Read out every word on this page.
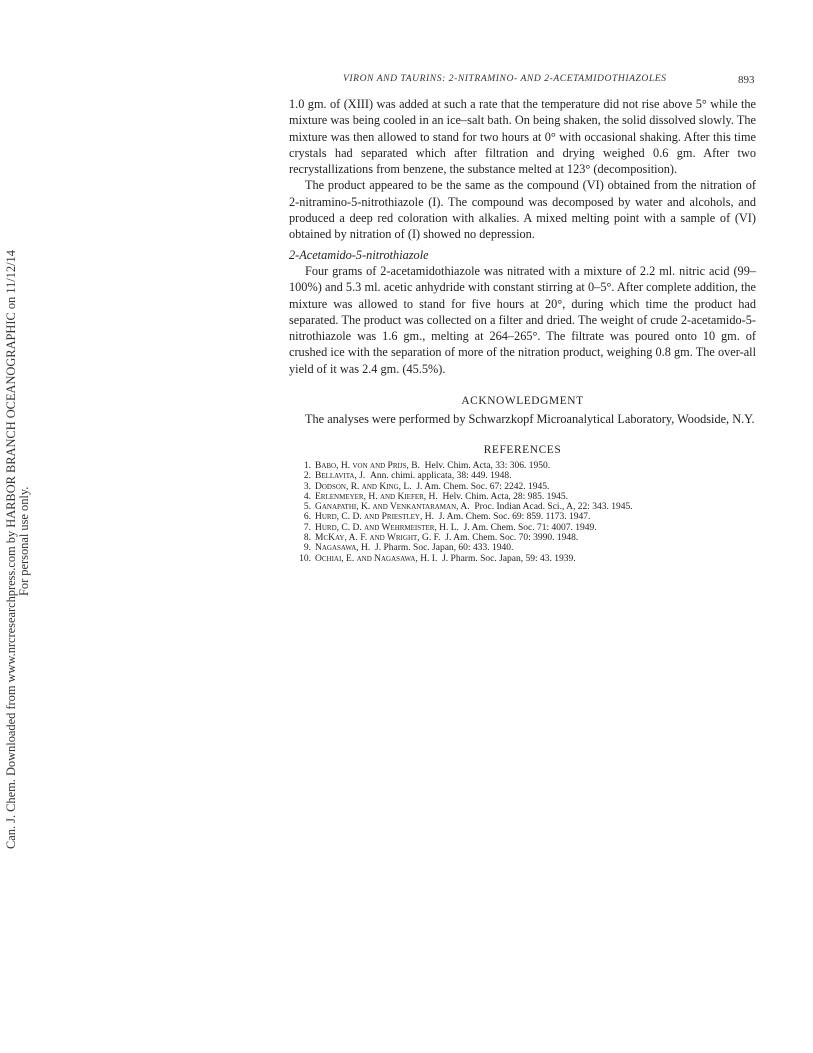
Can. J. Chem. Downloaded from www.nrcresearchpress.com by HARBOR BRANCH OCEANOGRAPHIC on 11/12/14 For personal use only.
VIRON AND TAURINS: 2-NITRAMINO- AND 2-ACETAMIDOTHIAZOLES	893

1.0 gm. of (XIII) was added at such a rate that the temperature did not rise above 5° while the mixture was being cooled in an ice–salt bath. On being shaken, the solid dissolved slowly. The mixture was then allowed to stand for two hours at 0° with occasional shaking. After this time crystals had separated which after filtration and drying weighed 0.6 gm. After two recrystallizations from benzene, the substance melted at 123° (decomposition).

The product appeared to be the same as the compound (VI) obtained from the nitration of 2-nitramino-5-nitrothiazole (I). The compound was decomposed by water and alcohols, and produced a deep red coloration with alkalies. A mixed melting point with a sample of (VI) obtained by nitration of (I) showed no depression.

2-Acetamido-5-nitrothiazole

Four grams of 2-acetamidothiazole was nitrated with a mixture of 2.2 ml. nitric acid (99–100%) and 5.3 ml. acetic anhydride with constant stirring at 0–5°. After complete addition, the mixture was allowed to stand for five hours at 20°, during which time the product had separated. The product was collected on a filter and dried. The weight of crude 2-acetamido-5-nitrothiazole was 1.6 gm., melting at 264–265°. The filtrate was poured onto 10 gm. of crushed ice with the separation of more of the nitration product, weighing 0.8 gm. The over-all yield of it was 2.4 gm. (45.5%).

ACKNOWLEDGMENT

The analyses were performed by Schwarzkopf Microanalytical Laboratory, Woodside, N.Y.

REFERENCES

1. Babo, H. von and Prijs, B. Helv. Chim. Acta, 33: 306. 1950.
2. Bellavita, J. Ann. chimi. applicata, 38: 449. 1948.
3. Dodson, R. and King, L. J. Am. Chem. Soc. 67: 2242. 1945.
4. Erlenmeyer, H. and Kiefer, H. Helv. Chim. Acta, 28: 985. 1945.
5. Ganapathi, K. and Venkantaraman, A. Proc. Indian Acad. Sci., A, 22: 343. 1945.
6. Hurd, C. D. and Priestley, H. J. Am. Chem. Soc. 69: 859. 1173. 1947.
7. Hurd, C. D. and Wehrmeister, H. L. J. Am. Chem. Soc. 71: 4007. 1949.
8. McKay, A. F. and Wright, G. F. J. Am. Chem. Soc. 70: 3990. 1948.
9. Nagasawa, H. J. Pharm. Soc. Japan, 60: 433. 1940.
10. Ochiai, E. and Nagasawa, H. I. J. Pharm. Soc. Japan, 59: 43. 1939.
